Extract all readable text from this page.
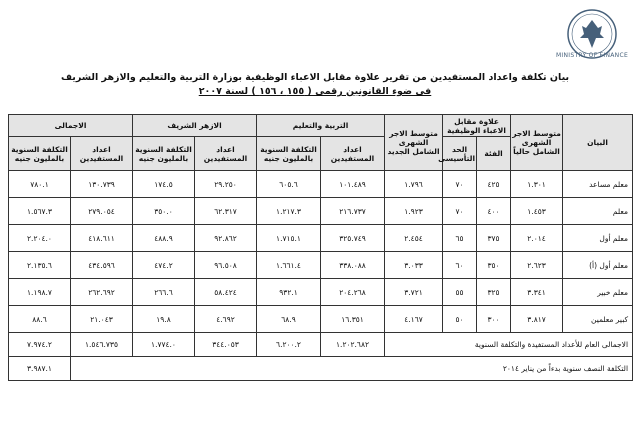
MINISTRY OF FINANCE
بيان تكلفة واعداد المستفيدين من تقرير علاوة مقابل الاعباء الوظيفية بوزارة التربية والتعليم والازهر الشريف
فى ضوء القانونين رقمى ( ١٥٥ ، ١٥٦ ) لسنة ٢٠٠٧
البيان	متوسط الاجر الشهرى الشامل حالياً	علاوة مقابل الاعباء الوظيفية		متوسط الاجر الشهرى الشامل الجديد	التربية والتعليم		الازهر الشريف		الاجمالى	
		الفئة	الحد التأسيسى		اعداد المستفيدين	التكلفة السنوية بالمليون جنيه	اعداد المستفيدين	التكلفة السنوية بالمليون جنيه	اعداد المستفيدين	التكلفة السنوية بالمليون جنيه
معلم مساعد	١.٣٠١	٤٢٥	٧٠	١.٧٩٦	١٠١.٤٨٩	٦٠٥.٦	٢٩.٢٥٠	١٧٤.٥	١٣٠.٧٣٩	٧٨٠.١
معلم	١.٤٥٣	٤٠٠	٧٠	١.٩٢٣	٢١٦.٧٣٧	١.٢١٧.٣	٦٢.٣١٧	٣٥٠.٠	٢٧٩.٠٥٤	١.٥٦٧.٣
معلم أول	٢.٠١٤	٣٧٥	٦٥	٢.٤٥٤	٣٢٥.٧٤٩	١.٧١٥.١	٩٢.٨٦٢	٤٨٨.٩	٤١٨.٦١١	٢.٢٠٤.٠
معلم أول (أ)	٢.٦٢٣	٣٥٠	٦٠	٣.٠٣٣	٣٣٨.٠٨٨	١.٦٦١.٤	٩٦.٥٠٨	٤٧٤.٢	٤٣٤.٥٩٦	٢.١٣٥.٦
معلم خبير	٣.٣٤١	٣٢٥	٥٥	٣.٧٢١	٢٠٤.٢٦٨	٩٣٢.١	٥٨.٤٢٤	٢٦٦.٦	٢٦٢.٦٩٢	١.١٩٨.٧
كبير معلمين	٣.٨١٧	٣٠٠	٥٠	٤.١٦٧	١٦.٣٥١	٦٨.٩	٤.٦٩٢	١٩.٨	٢١.٠٤٣	٨٨.٦
الاجمالى العام للأعداد المستفيدة والتكلفة السنوية					١.٢٠٢.٦٨٢	٦.٢٠٠.٢	٣٤٤.٠٥٣	١.٧٧٤.٠	١.٥٤٦.٧٣٥	٧.٩٧٤.٢
التكلفة النصف سنوية بدءاً من يناير ٢٠١٤										٣.٩٨٧.١
